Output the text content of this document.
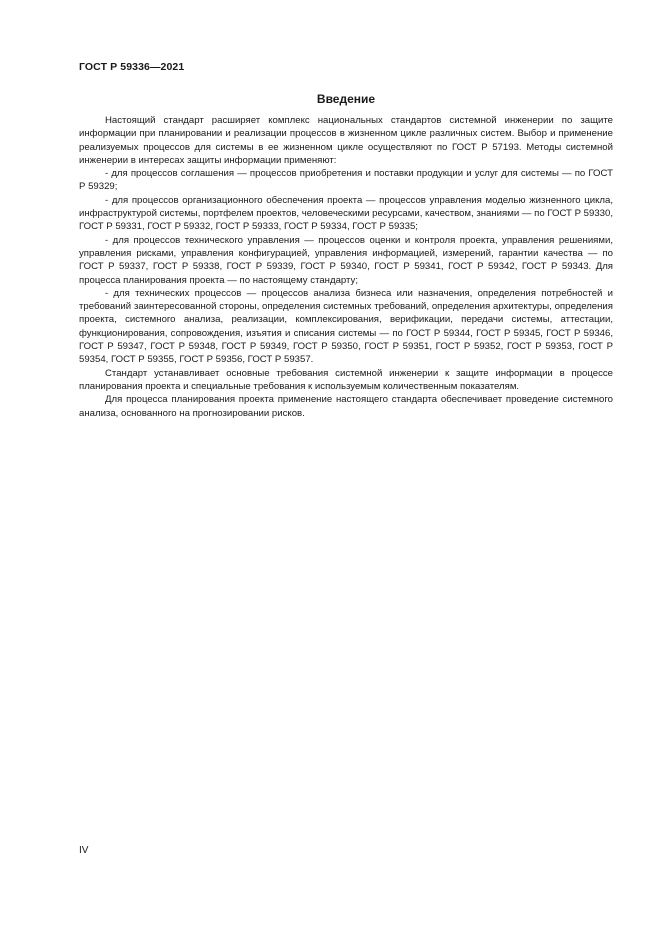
ГОСТ Р 59336—2021
Введение

Настоящий стандарт расширяет комплекс национальных стандартов системной инженерии по защите информации при планировании и реализации процессов в жизненном цикле различных систем. Выбор и применение реализуемых процессов для системы в ее жизненном цикле осуществляют по ГОСТ Р 57193. Методы системной инженерии в интересах защиты информации применяют:

- для процессов соглашения — процессов приобретения и поставки продукции и услуг для системы — по ГОСТ Р 59329;

- для процессов организационного обеспечения проекта — процессов управления моделью жизненного цикла, инфраструктурой системы, портфелем проектов, человеческими ресурсами, качеством, знаниями — по ГОСТ Р 59330, ГОСТ Р 59331, ГОСТ Р 59332, ГОСТ Р 59333, ГОСТ Р 59334, ГОСТ Р 59335;

- для процессов технического управления — процессов оценки и контроля проекта, управления решениями, управления рисками, управления конфигурацией, управления информацией, измерений, гарантии качества — по ГОСТ Р 59337, ГОСТ Р 59338, ГОСТ Р 59339, ГОСТ Р 59340, ГОСТ Р 59341, ГОСТ Р 59342, ГОСТ Р 59343. Для процесса планирования проекта — по настоящему стандарту;

- для технических процессов — процессов анализа бизнеса или назначения, определения потребностей и требований заинтересованной стороны, определения системных требований, определения архитектуры, определения проекта, системного анализа, реализации, комплексирования, верификации, передачи системы, аттестации, функционирования, сопровождения, изъятия и списания системы — по ГОСТ Р 59344, ГОСТ Р 59345, ГОСТ Р 59346, ГОСТ Р 59347, ГОСТ Р 59348, ГОСТ Р 59349, ГОСТ Р 59350, ГОСТ Р 59351, ГОСТ Р 59352, ГОСТ Р 59353, ГОСТ Р 59354, ГОСТ Р 59355, ГОСТ Р 59356, ГОСТ Р 59357.

Стандарт устанавливает основные требования системной инженерии к защите информации в процессе планирования проекта и специальные требования к используемым количественным показателям.

Для процесса планирования проекта применение настоящего стандарта обеспечивает проведение системного анализа, основанного на прогнозировании рисков.

IV
